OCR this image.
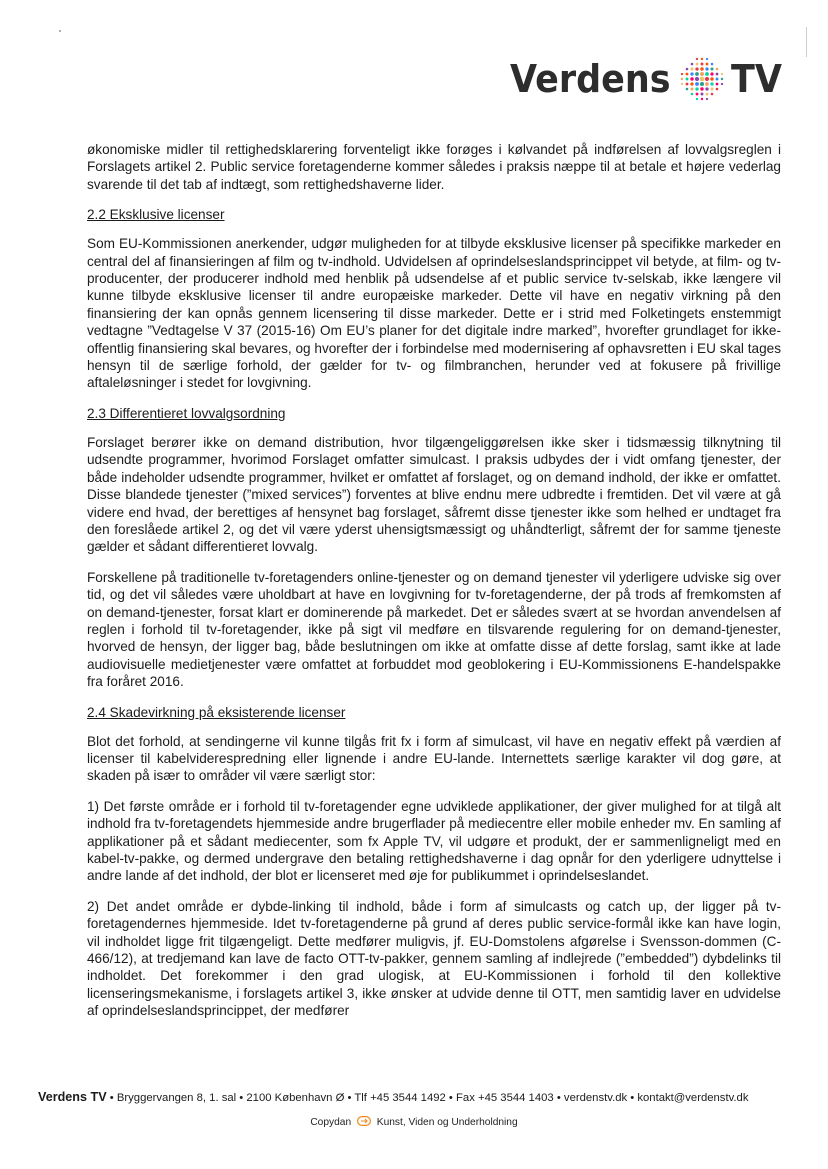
Verdens TV

økonomiske midler til rettighedsklarering forventeligt ikke forøges i kølvandet på indførelsen af lovvalgsreglen i Forslagets artikel 2. Public service foretagenderne kommer således i praksis næppe til at betale et højere vederlag svarende til det tab af indtægt, som rettighedshaverne lider.

2.2 Eksklusive licenser

Som EU-Kommissionen anerkender, udgør muligheden for at tilbyde eksklusive licenser på specifikke markeder en central del af finansieringen af film og tv-indhold. Udvidelsen af oprindelseslandsprincippet vil betyde, at film- og tv-producenter, der producerer indhold med henblik på udsendelse af et public service tv-selskab, ikke længere vil kunne tilbyde eksklusive licenser til andre europæiske markeder. Dette vil have en negativ virkning på den finansiering der kan opnås gennem licensering til disse markeder. Dette er i strid med Folketingets enstemmigt vedtagne ”Vedtagelse V 37 (2015-16) Om EU’s planer for det digitale indre marked”, hvorefter grundlaget for ikke-offentlig finansiering skal bevares, og hvorefter der i forbindelse med modernisering af ophavsretten i EU skal tages hensyn til de særlige forhold, der gælder for tv- og filmbranchen, herunder ved at fokusere på frivillige aftaleløsninger i stedet for lovgivning.

2.3 Differentieret lovvalgsordning

Forslaget berører ikke on demand distribution, hvor tilgængeliggørelsen ikke sker i tidsmæssig tilknytning til udsendte programmer, hvorimod Forslaget omfatter simulcast. I praksis udbydes der i vidt omfang tjenester, der både indeholder udsendte programmer, hvilket er omfattet af forslaget, og on demand indhold, der ikke er omfattet. Disse blandede tjenester (”mixed services”) forventes at blive endnu mere udbredte i fremtiden. Det vil være at gå videre end hvad, der berettiges af hensynet bag forslaget, såfremt disse tjenester ikke som helhed er undtaget fra den foreslåede artikel 2, og det vil være yderst uhensigtsmæssigt og uhåndterligt, såfremt der for samme tjeneste gælder et sådant differentieret lovvalg.

Forskellene på traditionelle tv-foretagenders online-tjenester og on demand tjenester vil yderligere udviske sig over tid, og det vil således være uholdbart at have en lovgivning for tv-foretagenderne, der på trods af fremkomsten af on demand-tjenester, forsat klart er dominerende på markedet. Det er således svært at se hvordan anvendelsen af reglen i forhold til tv-foretagender, ikke på sigt vil medføre en tilsvarende regulering for on demand-tjenester, hvorved de hensyn, der ligger bag, både beslutningen om ikke at omfatte disse af dette forslag, samt ikke at lade audiovisuelle medietjenester være omfattet at forbuddet mod geoblokering i EU-Kommissionens E-handelspakke fra foråret 2016.

2.4 Skadevirkning på eksisterende licenser

Blot det forhold, at sendingerne vil kunne tilgås frit fx i form af simulcast, vil have en negativ effekt på værdien af licenser til kabelviderespredning eller lignende i andre EU-lande. Internettets særlige karakter vil dog gøre, at skaden på især to områder vil være særligt stor:

1) Det første område er i forhold til tv-foretagender egne udviklede applikationer, der giver mulighed for at tilgå alt indhold fra tv-foretagendets hjemmeside andre brugerflader på mediecentre eller mobile enheder mv. En samling af applikationer på et sådant mediecenter, som fx Apple TV, vil udgøre et produkt, der er sammenligneligt med en kabel-tv-pakke, og dermed undergrave den betaling rettighedshaverne i dag opnår for den yderligere udnyttelse i andre lande af det indhold, der blot er licenseret med øje for publikummet i oprindelseslandet.

2) Det andet område er dybde-linking til indhold, både i form af simulcasts og catch up, der ligger på tv-foretagendernes hjemmeside. Idet tv-foretagenderne på grund af deres public service-formål ikke kan have login, vil indholdet ligge frit tilgængeligt. Dette medfører muligvis, jf. EU-Domstolens afgørelse i Svensson-dommen (C-466/12), at tredjemand kan lave de facto OTT-tv-pakker, gennem samling af indlejrede (”embedded”) dybdelinks til indholdet. Det forekommer i den grad ulogisk, at EU-Kommissionen i forhold til den kollektive licenseringsmekanisme, i forslagets artikel 3, ikke ønsker at udvide denne til OTT, men samtidig laver en udvidelse af oprindelseslandsprincippet, der medfører

Verdens TV • Bryggervangen 8, 1. sal • 2100 København Ø • Tlf +45 3544 1492 • Fax +45 3544 1403 • verdenstv.dk • kontakt@verdenstv.dk
Copydan	Kunst, Viden og Underholdning
